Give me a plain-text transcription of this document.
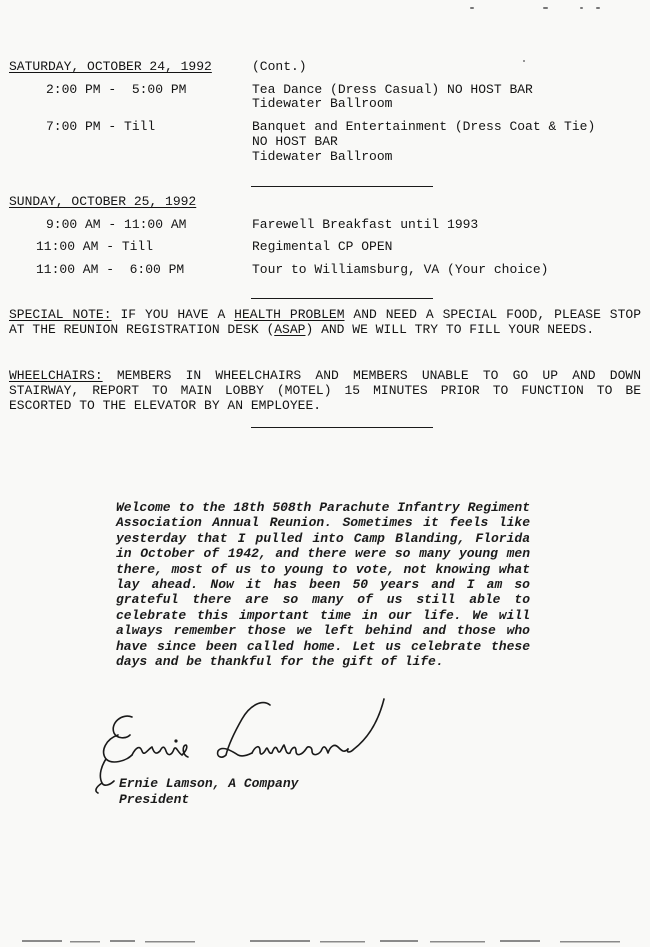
SATURDAY, OCTOBER 24, 1992	(Cont.)
2:00 PM -  5:00 PM	Tea Dance (Dress Casual) NO HOST BAR
Tidewater Ballroom
7:00 PM - Till	Banquet and Entertainment (Dress Coat & Tie)
NO HOST BAR
Tidewater Ballroom
SUNDAY, OCTOBER 25, 1992
9:00 AM - 11:00 AM	Farewell Breakfast until 1993
11:00 AM - Till	Regimental CP OPEN
11:00 AM -  6:00 PM	Tour to Williamsburg, VA (Your choice)
SPECIAL NOTE: IF YOU HAVE A HEALTH PROBLEM AND NEED A SPECIAL FOOD, PLEASE STOP AT THE REUNION REGISTRATION DESK (ASAP) AND WE WILL TRY TO FILL YOUR NEEDS.
WHEELCHAIRS: MEMBERS IN WHEELCHAIRS AND MEMBERS UNABLE TO GO UP AND DOWN STAIRWAY, REPORT TO MAIN LOBBY (MOTEL) 15 MINUTES PRIOR TO FUNCTION TO BE ESCORTED TO THE ELEVATOR BY AN EMPLOYEE.
Welcome to the 18th 508th Parachute Infantry Regiment Association Annual Reunion. Sometimes it feels like yesterday that I pulled into Camp Blanding, Florida in October of 1942, and there were so many young men there, most of us to young to vote, not knowing what lay ahead. Now it has been 50 years and I am so grateful there are so many of us still able to celebrate this important time in our life. We will always remember those we left behind and those who have since been called home. Let us celebrate these days and be thankful for the gift of life.
Ernie Lamson, A Company
President
